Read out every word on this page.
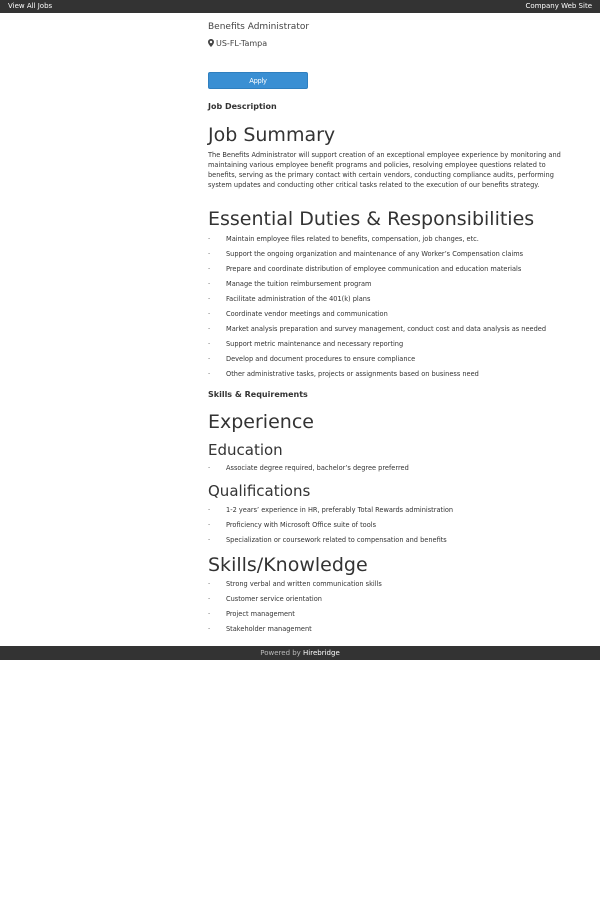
View All Jobs	Company Web Site
Benefits Administrator
US-FL-Tampa
Apply
Job Description
Job Summary

The Benefits Administrator will support creation of an exceptional employee experience by monitoring and maintaining various employee benefit programs and policies, resolving employee questions related to benefits, serving as the primary contact with certain vendors, conducting compliance audits, performing system updates and conducting other critical tasks related to the execution of our benefits strategy.

Essential Duties & Responsibilities
·	Maintain employee files related to benefits, compensation, job changes, etc.
·	Support the ongoing organization and maintenance of any Worker’s Compensation claims
·	Prepare and coordinate distribution of employee communication and education materials
·	Manage the tuition reimbursement program
·	Facilitate administration of the 401(k) plans
·	Coordinate vendor meetings and communication
·	Market analysis preparation and survey management, conduct cost and data analysis as needed
·	Support metric maintenance and necessary reporting
·	Develop and document procedures to ensure compliance
·	Other administrative tasks, projects or assignments based on business need
Skills & Requirements
Experience
Education
·	Associate degree required, bachelor’s degree preferred
Qualifications
·	1-2 years’ experience in HR, preferably Total Rewards administration
·	Proficiency with Microsoft Office suite of tools
·	Specialization or coursework related to compensation and benefits
Skills/Knowledge
·	Strong verbal and written communication skills
·	Customer service orientation
·	Project management
·	Stakeholder management
Powered by Hirebridge
